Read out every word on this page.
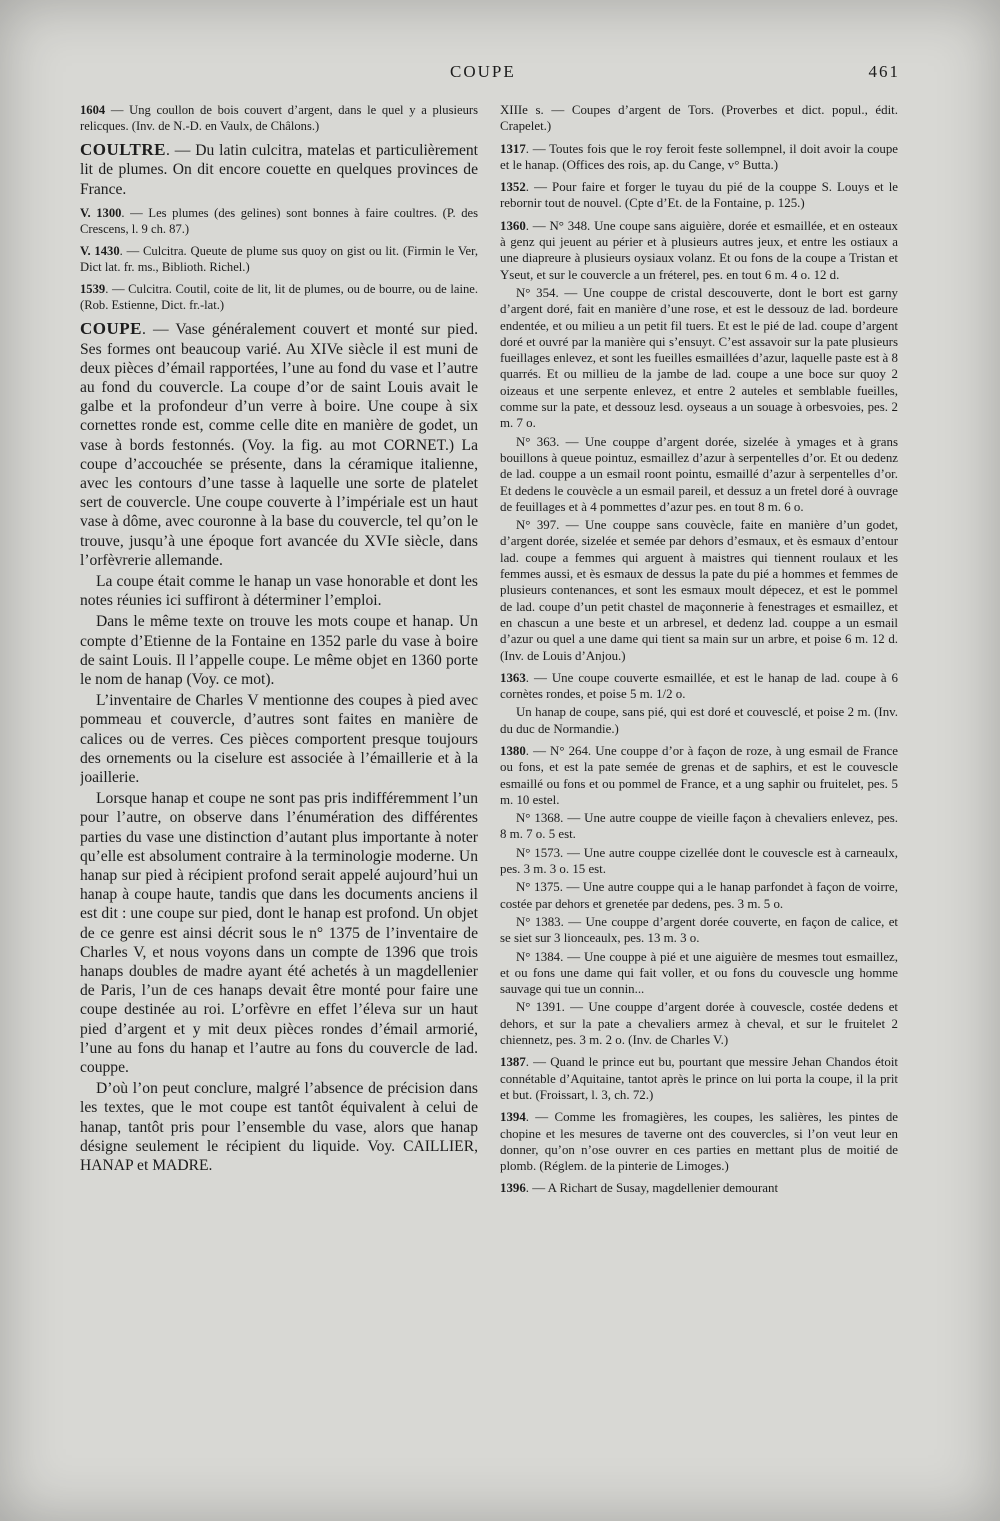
COUPE	461

1604 — Ung coullon de bois couvert d’argent, dans le quel y a plusieurs relicques. (Inv. de N.-D. en Vaulx, de Châlons.)

COULTRE. — Du latin culcitra, matelas et particulièrement lit de plumes. On dit encore couette en quelques provinces de France.

V. 1300. — Les plumes (des gelines) sont bonnes à faire coultres. (P. des Crescens, l. 9 ch. 87.)

V. 1430. — Culcitra. Queute de plume sus quoy on gist ou lit. (Firmin le Ver, Dict lat. fr. ms., Biblioth. Richel.)

1539. — Culcitra. Coutil, coite de lit, lit de plumes, ou de bourre, ou de laine. (Rob. Estienne, Dict. fr.-lat.)

COUPE. — Vase généralement couvert et monté sur pied. Ses formes ont beaucoup varié. Au XIVe siècle il est muni de deux pièces d’émail rapportées, l’une au fond du vase et l’autre au fond du couvercle. La coupe d’or de saint Louis avait le galbe et la profondeur d’un verre à boire. Une coupe à six cornettes ronde est, comme celle dite en manière de godet, un vase à bords festonnés. (Voy. la fig. au mot CORNET.) La coupe d’accouchée se présente, dans la céramique italienne, avec les contours d’une tasse à laquelle une sorte de platelet sert de couvercle. Une coupe couverte à l’impériale est un haut vase à dôme, avec couronne à la base du couvercle, tel qu’on le trouve, jusqu’à une époque fort avancée du XVIe siècle, dans l’orfèvrerie allemande.

La coupe était comme le hanap un vase honorable et dont les notes réunies ici suffiront à déterminer l’emploi.

Dans le même texte on trouve les mots coupe et hanap. Un compte d’Etienne de la Fontaine en 1352 parle du vase à boire de saint Louis. Il l’appelle coupe. Le même objet en 1360 porte le nom de hanap (Voy. ce mot).

L’inventaire de Charles V mentionne des coupes à pied avec pommeau et couvercle, d’autres sont faites en manière de calices ou de verres. Ces pièces comportent presque toujours des ornements ou la ciselure est associée à l’émaillerie et à la joaillerie.

Lorsque hanap et coupe ne sont pas pris indifféremment l’un pour l’autre, on observe dans l’énumération des différentes parties du vase une distinction d’autant plus importante à noter qu’elle est absolument contraire à la terminologie moderne. Un hanap sur pied à récipient profond serait appelé aujourd’hui un hanap à coupe haute, tandis que dans les documents anciens il est dit : une coupe sur pied, dont le hanap est profond. Un objet de ce genre est ainsi décrit sous le n° 1375 de l’inventaire de Charles V, et nous voyons dans un compte de 1396 que trois hanaps doubles de madre ayant été achetés à un magdellenier de Paris, l’un de ces hanaps devait être monté pour faire une coupe destinée au roi. L’orfèvre en effet l’éleva sur un haut pied d’argent et y mit deux pièces rondes d’émail armorié, l’une au fons du hanap et l’autre au fons du couvercle de lad. couppe.

D’où l’on peut conclure, malgré l’absence de précision dans les textes, que le mot coupe est tantôt équivalent à celui de hanap, tantôt pris pour l’ensemble du vase, alors que hanap désigne seulement le récipient du liquide. Voy. CAILLIER, HANAP et MADRE.

XIIIe s. — Coupes d’argent de Tors. (Proverbes et dict. popul., édit. Crapelet.)

1317. — Toutes fois que le roy feroit feste sollempnel, il doit avoir la coupe et le hanap. (Offices des rois, ap. du Cange, v° Butta.)

1352. — Pour faire et forger le tuyau du pié de la couppe S. Louys et le rebornir tout de nouvel. (Cpte d’Et. de la Fontaine, p. 125.)

1360. — N° 348. Une coupe sans aiguière, dorée et esmaillée, et en osteaux à genz qui jeuent au périer et à plusieurs autres jeux, et entre les ostiaux a une diapreure à plusieurs oysiaux volanz. Et ou fons de la coupe a Tristan et Yseut, et sur le couvercle a un fréterel, pes. en tout 6 m. 4 o. 12 d.

N° 354. — Une couppe de cristal descouverte, dont le bort est garny d’argent doré, fait en manière d’une rose, et est le dessouz de lad. bordeure endentée, et ou milieu a un petit fil tuers. Et est le pié de lad. coupe d’argent doré et ouvré par la manière qui s’ensuyt. C’est assavoir sur la pate plusieurs fueillages enlevez, et sont les fueilles esmaillées d’azur, laquelle paste est à 8 quarrés. Et ou millieu de la jambe de lad. coupe a une boce sur quoy 2 oizeaus et une serpente enlevez, et entre 2 auteles et semblable fueilles, comme sur la pate, et dessouz lesd. oyseaus a un souage à orbesvoies, pes. 2 m. 7 o.

N° 363. — Une couppe d’argent dorée, sizelée à ymages et à grans bouillons à queue pointuz, esmaillez d’azur à serpentelles d’or. Et ou dedenz de lad. couppe a un esmail roont pointu, esmaillé d’azur à serpentelles d’or. Et dedens le couvècle a un esmail pareil, et dessuz a un fretel doré à ouvrage de feuillages et à 4 pommettes d’azur pes. en tout 8 m. 6 o.

N° 397. — Une couppe sans couvècle, faite en manière d’un godet, d’argent dorée, sizelée et semée par dehors d’esmaux, et ès esmaux d’entour lad. coupe a femmes qui arguent à maistres qui tiennent roulaux et les femmes aussi, et ès esmaux de dessus la pate du pié a hommes et femmes de plusieurs contenances, et sont les esmaux moult dépecez, et est le pommel de lad. coupe d’un petit chastel de maçonnerie à fenestrages et esmaillez, et en chascun a une beste et un arbresel, et dedenz lad. couppe a un esmail d’azur ou quel a une dame qui tient sa main sur un arbre, et poise 6 m. 12 d. (Inv. de Louis d’Anjou.)

1363. — Une coupe couverte esmaillée, et est le hanap de lad. coupe à 6 cornètes rondes, et poise 5 m. 1/2 o.

Un hanap de coupe, sans pié, qui est doré et couvesclé, et poise 2 m. (Inv. du duc de Normandie.)

1380. — N° 264. Une couppe d’or à façon de roze, à ung esmail de France ou fons, et est la pate semée de grenas et de saphirs, et est le couvescle esmaillé ou fons et ou pommel de France, et a ung saphir ou fruitelet, pes. 5 m. 10 estel.

N° 1368. — Une autre couppe de vieille façon à chevaliers enlevez, pes. 8 m. 7 o. 5 est.

N° 1573. — Une autre couppe cizellée dont le couvescle est à carneaulx, pes. 3 m. 3 o. 15 est.

N° 1375. — Une autre couppe qui a le hanap parfondet à façon de voirre, costée par dehors et grenetée par dedens, pes. 3 m. 5 o.

N° 1383. — Une couppe d’argent dorée couverte, en façon de calice, et se siet sur 3 lionceaulx, pes. 13 m. 3 o.

N° 1384. — Une couppe à pié et une aiguière de mesmes tout esmaillez, et ou fons une dame qui fait voller, et ou fons du couvescle ung homme sauvage qui tue un connin...

N° 1391. — Une couppe d’argent dorée à couvescle, costée dedens et dehors, et sur la pate a chevaliers armez à cheval, et sur le fruitelet 2 chiennetz, pes. 3 m. 2 o. (Inv. de Charles V.)

1387. — Quand le prince eut bu, pourtant que messire Jehan Chandos étoit connétable d’Aquitaine, tantot après le prince on lui porta la coupe, il la prit et but. (Froissart, l. 3, ch. 72.)

1394. — Comme les fromagières, les coupes, les salières, les pintes de chopine et les mesures de taverne ont des couvercles, si l’on veut leur en donner, qu’on n’ose ouvrer en ces parties en mettant plus de moitié de plomb. (Réglem. de la pinterie de Limoges.)

1396. — A Richart de Susay, magdellenier demourant
